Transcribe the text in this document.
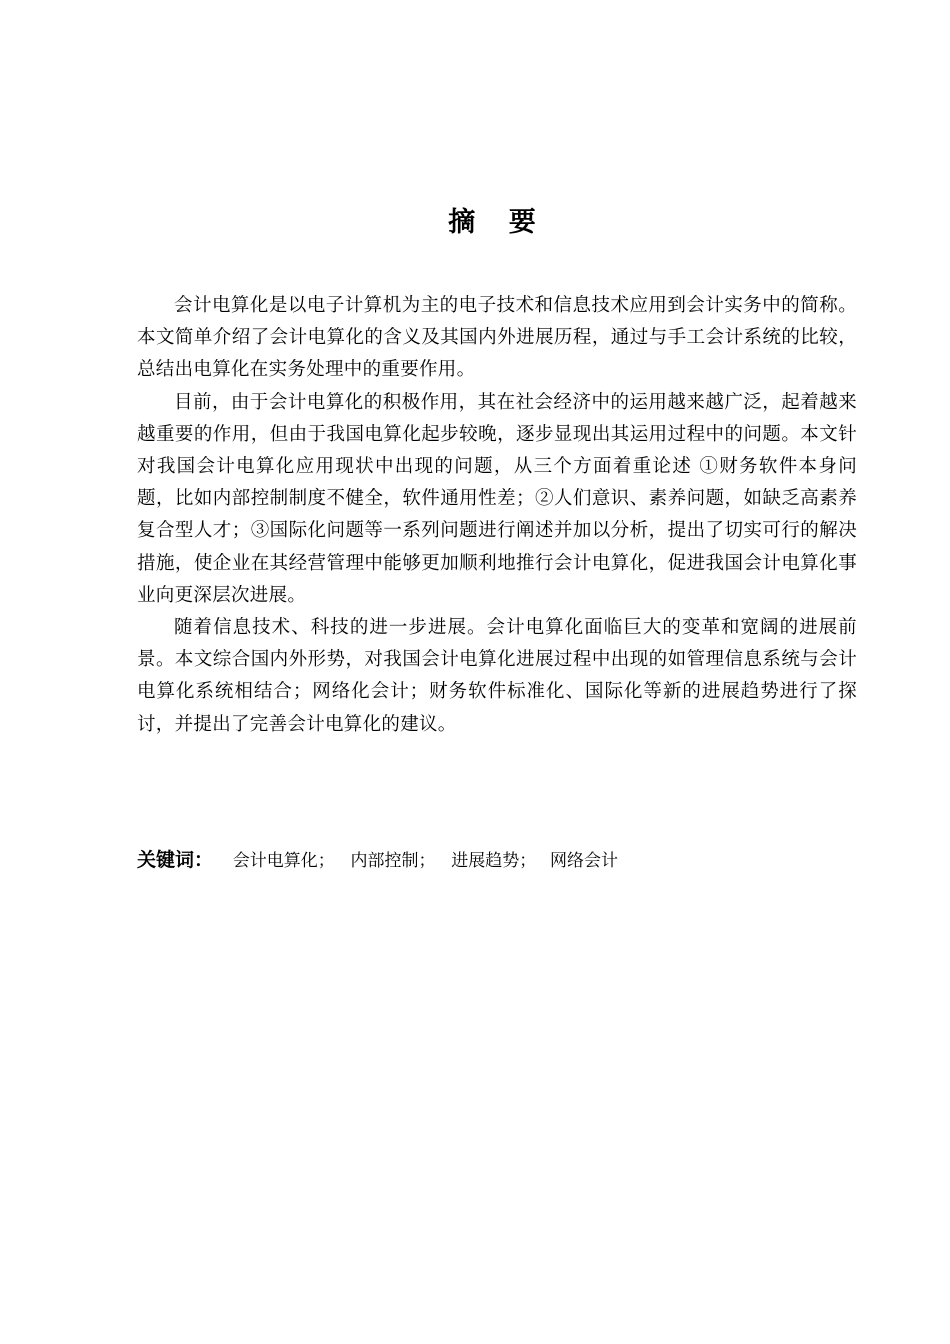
摘 要

会计电算化是以电子计算机为主的电子技术和信息技术应用到会计实务中的简称。本文简单介绍了会计电算化的含义及其国内外进展历程，通过与手工会计系统的比较，总结出电算化在实务处理中的重要作用。

目前，由于会计电算化的积极作用，其在社会经济中的运用越来越广泛，起着越来越重要的作用，但由于我国电算化起步较晚，逐步显现出其运用过程中的问题。本文针对我国会计电算化应用现状中出现的问题，从三个方面着重论述 ①财务软件本身问题，比如内部控制制度不健全，软件通用性差；②人们意识、素养问题，如缺乏高素养复合型人才；③国际化问题等一系列问题进行阐述并加以分析，提出了切实可行的解决措施，使企业在其经营管理中能够更加顺利地推行会计电算化，促进我国会计电算化事业向更深层次进展。

随着信息技术、科技的进一步进展。会计电算化面临巨大的变革和宽阔的进展前景。本文综合国内外形势，对我国会计电算化进展过程中出现的如管理信息系统与会计电算化系统相结合；网络化会计；财务软件标准化、国际化等新的进展趋势进行了探讨，并提出了完善会计电算化的建议。

关键词： 会计电算化； 内部控制； 进展趋势； 网络会计
